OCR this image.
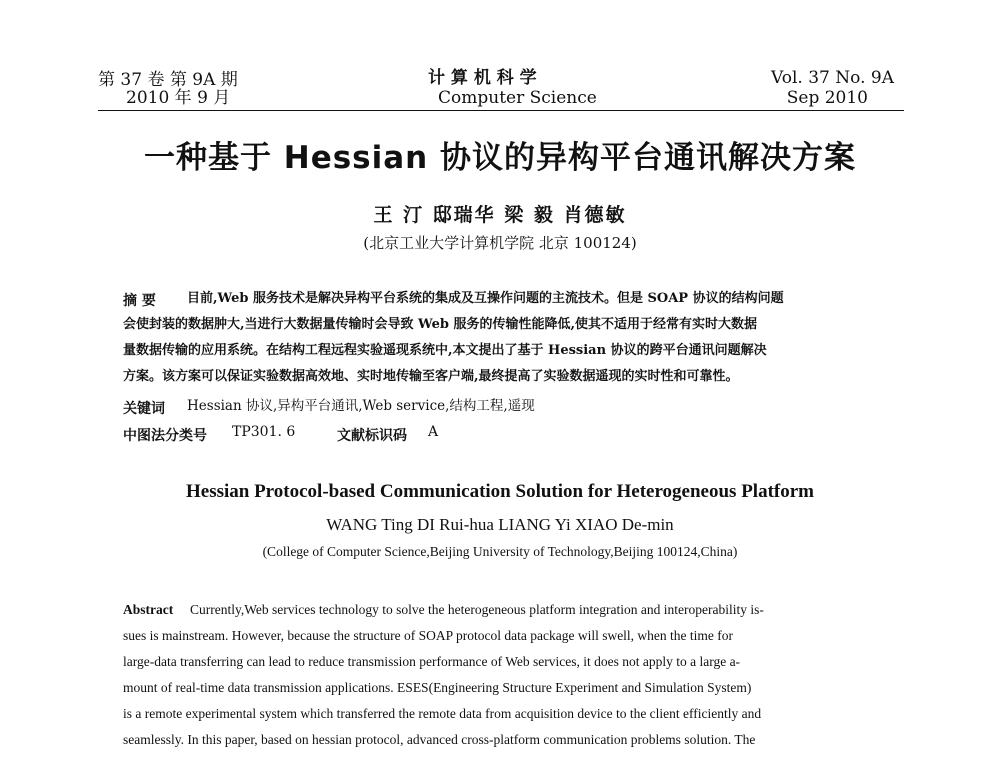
第 37 卷 第 9A 期
2010 年 9 月
计 算 机 科 学
Computer Science
Vol. 37 No. 9A
Sep 2010
一种基于 Hessian 协议的异构平台通讯解决方案
王 汀 邸瑞华 梁 毅 肖德敏
(北京工业大学计算机学院 北京 100124)
摘 要 目前,Web 服务技术是解决异构平台系统的集成及互操作问题的主流技术。但是 SOAP 协议的结构问题
会使封装的数据肿大,当进行大数据量传输时会导致 Web 服务的传输性能降低,使其不适用于经常有实时大数据
量数据传输的应用系统。在结构工程远程实验遥现系统中,本文提出了基于 Hessian 协议的跨平台通讯问题解决
方案。该方案可以保证实验数据高效地、实时地传输至客户端,最终提高了实验数据遥现的实时性和可靠性。
关键词 Hessian 协议,异构平台通讯,Web service,结构工程,遥现
中图法分类号 TP301. 6	文献标识码 A
Hessian Protocol-based Communication Solution for Heterogeneous Platform
WANG Ting DI Rui-hua LIANG Yi XIAO De-min
(College of Computer Science,Beijing University of Technology,Beijing 100124,China)
Abstract Currently,Web services technology to solve the heterogeneous platform integration and interoperability is-
sues is mainstream. However, because the structure of SOAP protocol data package will swell, when the time for
large-data transferring can lead to reduce transmission performance of Web services, it does not apply to a large a-
mount of real-time data transmission applications. ESES(Engineering Structure Experiment and Simulation System)
is a remote experimental system which transferred the remote data from acquisition device to the client efficiently and
seamlessly. In this paper, based on hessian protocol, advanced cross-platform communication problems solution. The
